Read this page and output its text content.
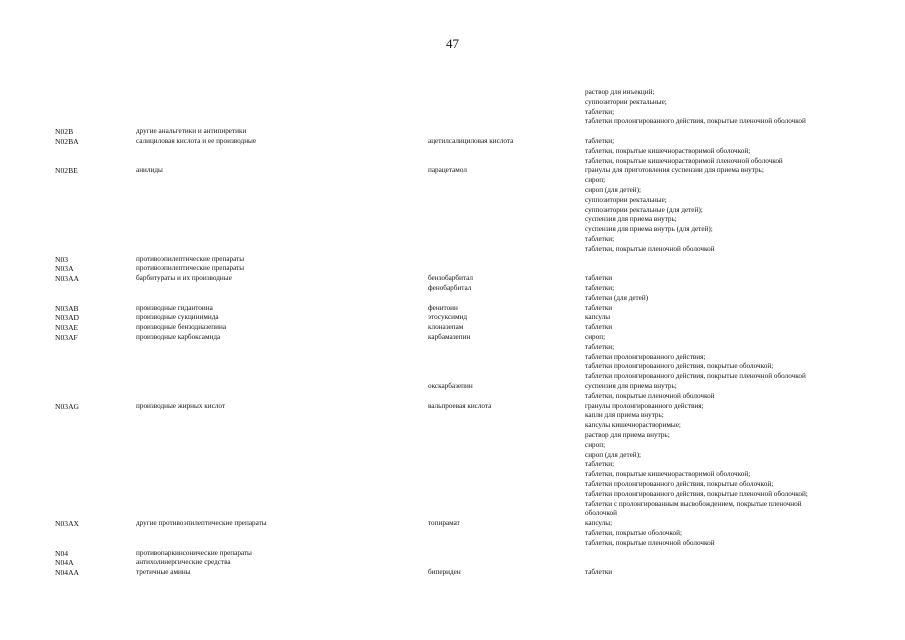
47
раствор для инъекций;
суппозитории ректальные;
таблетки;
таблетки пролонгированного действия, покрытые пленочной оболочкой
N02B	другие анальгетики и антипиретики
N02BA	салициловая кислота и ее производные	ацетилсалициловая кислота	таблетки;
таблетки, покрытые кишечнорастворимой оболочкой;
таблетки, покрытые кишечнорастворимой пленочной оболочкой
N02BE	анилиды	парацетамол	гранулы для приготовления суспензии для приема внутрь;
сироп;
сироп (для детей);
суппозитории ректальные;
суппозитории ректальные (для детей);
суспензия для приема внутрь;
суспензия для приема внутрь (для детей);
таблетки;
таблетки, покрытые пленочной оболочкой
N03	противоэпилептические препараты
N03A	противоэпилептические препараты
N03AA	барбитураты и их производные	бензобарбитал	таблетки
фенобарбитал	таблетки;
таблетки (для детей)
N03AB	производные гидантоина	фенитоин	таблетки
N03AD	производные сукцинимида	этосуксимид	капсулы
N03AE	производные бензодиазепина	клоназепам	таблетки
N03AF	производные карбоксамида	карбамазепин	сироп;
таблетки;
таблетки пролонгированного действия;
таблетки пролонгированного действия, покрытые оболочкой;
таблетки пролонгированного действия, покрытые пленочной оболочкой
окскарбазепин	суспензия для приема внутрь;
таблетки, покрытые пленочной оболочкой
N03AG	производные жирных кислот	вальпроевая кислота	гранулы пролонгированного действия;
капли для приема внутрь;
капсулы кишечнорастворимые;
раствор для приема внутрь;
сироп;
сироп (для детей);
таблетки;
таблетки, покрытые кишечнорастворимой оболочкой;
таблетки пролонгированного действия, покрытые оболочкой;
таблетки пролонгированного действия, покрытые пленочной оболочкой;
таблетки с пролонгированным высвобождением, покрытые пленочной
оболочкой
N03AX	другие противоэпилептические препараты	топирамат	капсулы;
таблетки, покрытые оболочкой;
таблетки, покрытые пленочной оболочкой
N04	противопаркинсонические препараты
N04A	антихолинергические средства
N04AA	третичные амины	бипериден	таблетки
